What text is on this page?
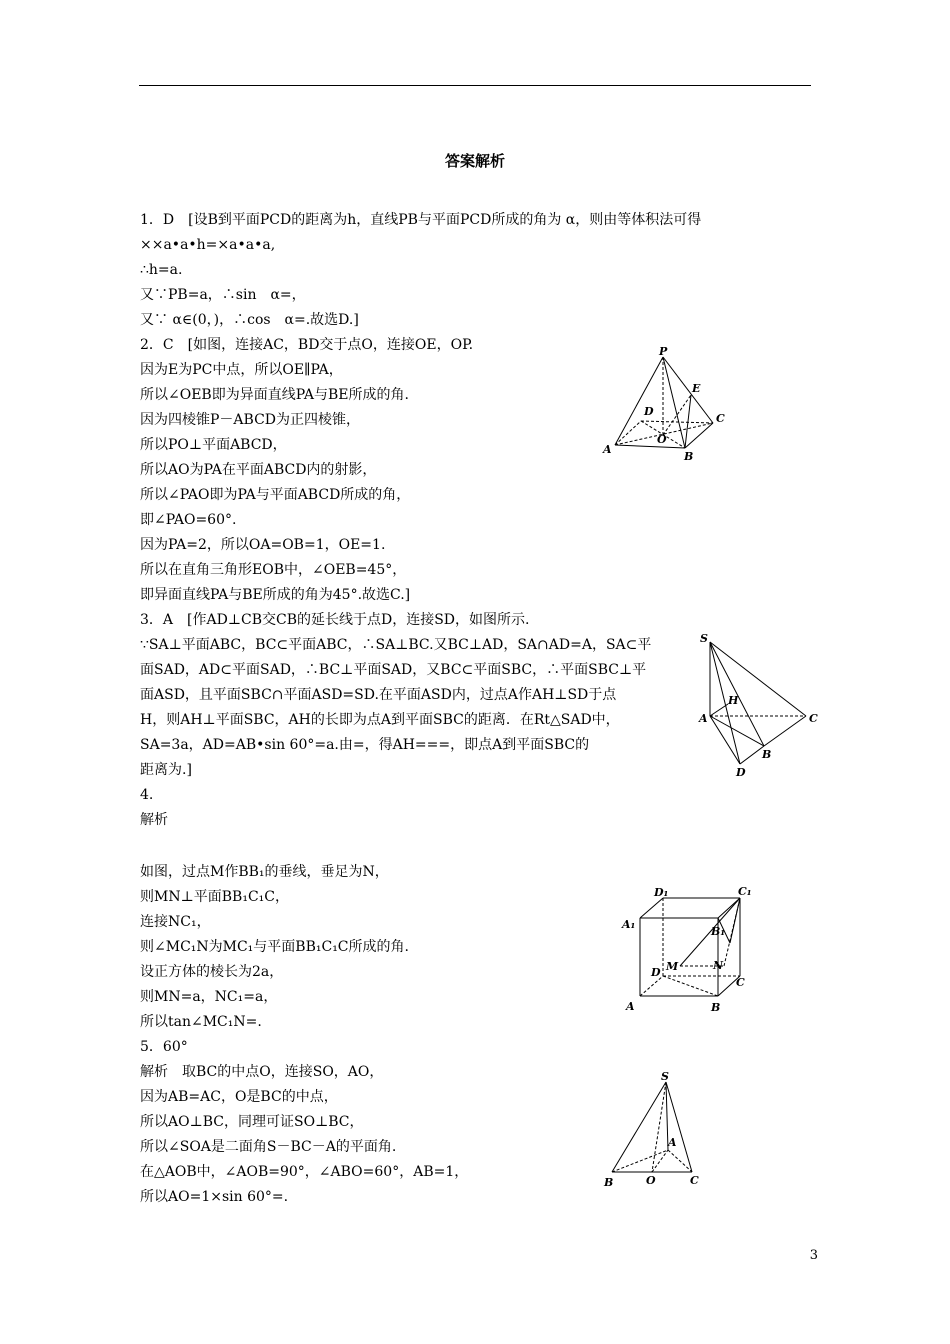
答案解析
1．D　[设B到平面PCD的距离为h，直线PB与平面PCD所成的角为 α，则由等体积法可得
××a•a•h=×a•a•a,
∴h=a.
又∵PB=a，∴sin　α=，
又∵ α∈(0，)，∴cos　α=.故选D.]
2．C　[如图，连接AC，BD交于点O，连接OE，OP.
因为E为PC中点，所以OE∥PA，
所以∠OEB即为异面直线PA与BE所成的角.
因为四棱锥P－ABCD为正四棱锥，
所以PO⊥平面ABCD，
所以AO为PA在平面ABCD内的射影，
所以∠PAO即为PA与平面ABCD所成的角，
即∠PAO=60°.
因为PA=2，所以OA=OB=1，OE=1.
所以在直角三角形EOB中，∠OEB=45°，
即异面直线PA与BE所成的角为45°.故选C.]
3．A　[作AD⊥CB交CB的延长线于点D，连接SD，如图所示.
∵SA⊥平面ABC，BC⊂平面ABC，∴SA⊥BC.又BC⊥AD，SA∩AD=A，SA⊂平
面SAD，AD⊂平面SAD，∴BC⊥平面SAD，又BC⊂平面SBC，∴平面SBC⊥平
面ASD，且平面SBC∩平面ASD=SD.在平面ASD内，过点A作AH⊥SD于点
H，则AH⊥平面SBC，AH的长即为点A到平面SBC的距离．在Rt△SAD中，
SA=3a，AD=AB•sin 60°=a.由=，得AH===，即点A到平面SBC的
距离为.]
4.
解析
如图，过点M作BB₁的垂线，垂足为N，
则MN⊥平面BB₁C₁C，
连接NC₁，
则∠MC₁N为MC₁与平面BB₁C₁C所成的角.
设正方体的棱长为2a，
则MN=a，NC₁=a，
所以tan∠MC₁N=.
5．60°
解析　取BC的中点O，连接SO，AO，
因为AB=AC，O是BC的中点，
所以AO⊥BC，同理可证SO⊥BC，
所以∠SOA是二面角S－BC－A的平面角.
在△AOB中，∠AOB=90°，∠ABO=60°，AB=1，
所以AO=1×sin 60°=.
P
E
D
C
O
A
B
S
H
A	C
B
D
D₁	C₁
A₁
B₁
D M	N
C
A	B
S
A
B	O	C
3
